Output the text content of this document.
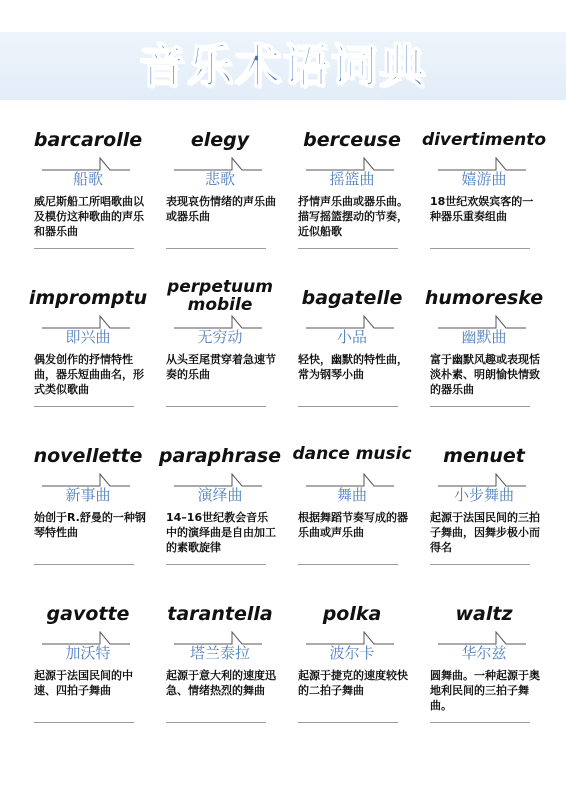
音乐术语词典
barcarolle
船歌
威尼斯船工所唱歌曲以及模仿这种歌曲的声乐和器乐曲
elegy
悲歌
表现哀伤情绪的声乐曲或器乐曲
berceuse
摇篮曲
抒情声乐曲或器乐曲。描写摇篮摆动的节奏，近似船歌
divertimento
嬉游曲
18世纪欢娱宾客的一种器乐重奏组曲
impromptu
即兴曲
偶发创作的抒情特性曲，器乐短曲曲名，形式类似歌曲
perpetuum mobile
无穷动
从头至尾贯穿着急速节奏的乐曲
bagatelle
小品
轻快，幽默的特性曲，常为钢琴小曲
humoreske
幽默曲
富于幽默风趣或表现恬淡朴素、明朗愉快情致的器乐曲
novellette
新事曲
始创于R.舒曼的一种钢琴特性曲
paraphrase
演绎曲
14–16世纪教会音乐中的演绎曲是自由加工的素歌旋律
dance music
舞曲
根据舞蹈节奏写成的器乐曲或声乐曲
menuet
小步舞曲
起源于法国民间的三拍子舞曲，因舞步极小而得名
gavotte
加沃特
起源于法国民间的中速、四拍子舞曲
tarantella
塔兰泰拉
起源于意大利的速度迅急、情绪热烈的舞曲
polka
波尔卡
起源于捷克的速度较快的二拍子舞曲
waltz
华尔兹
圆舞曲。一种起源于奥地利民间的三拍子舞曲。
